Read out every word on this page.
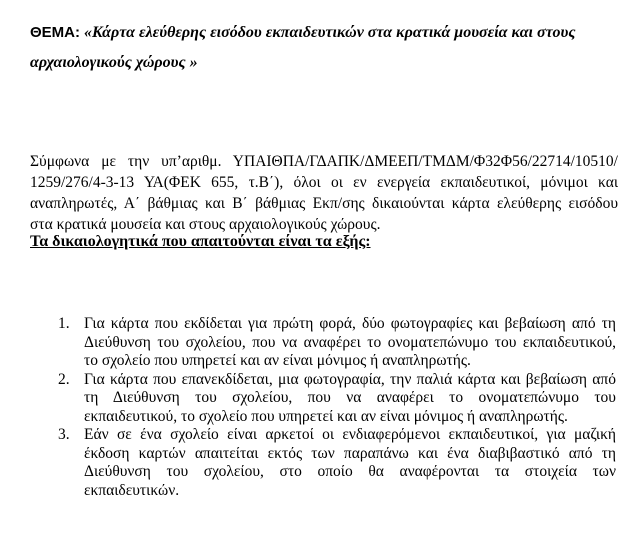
ΘΕΜΑ: «Κάρτα ελεύθερης εισόδου εκπαιδευτικών στα κρατικά μουσεία και στους αρχαιολογικούς χώρους »
Σύμφωνα με την υπ’αριθμ. ΥΠΑΙΘΠΑ/ΓΔΑΠΚ/ΔΜΕΕΠ/ΤΜΔΜ/Φ32Φ56/22714/10510/
1259/276/4-3-13 ΥΑ(ΦΕΚ 655, τ.Β΄), όλοι οι εν ενεργεία εκπαιδευτικοί, μόνιμοι και
αναπληρωτές, Α΄ βάθμιας και Β΄ βάθμιας Εκπ/σης δικαιούνται κάρτα ελεύθερης εισόδου
στα κρατικά μουσεία και στους αρχαιολογικούς χώρους.
Τα δικαιολογητικά που απαιτούνται είναι τα εξής:
1. Για κάρτα που εκδίδεται για πρώτη φορά, δύο φωτογραφίες και βεβαίωση από τη
Διεύθυνση του σχολείου, που να αναφέρει το ονοματεπώνυμο του εκπαιδευτικού,
το σχολείο που υπηρετεί και αν είναι μόνιμος ή αναπληρωτής.
2. Για κάρτα που επανεκδίδεται, μια φωτογραφία, την παλιά κάρτα και βεβαίωση από
τη Διεύθυνση του σχολείου, που να αναφέρει το ονοματεπώνυμο του
εκπαιδευτικού, το σχολείο που υπηρετεί και αν είναι μόνιμος ή αναπληρωτής.
3. Εάν σε ένα σχολείο είναι αρκετοί οι ενδιαφερόμενοι εκπαιδευτικοί, για μαζική
έκδοση καρτών απαιτείται εκτός των παραπάνω και ένα διαβιβαστικό από τη
Διεύθυνση του σχολείου, στο οποίο θα αναφέρονται τα στοιχεία των
εκπαιδευτικών.
